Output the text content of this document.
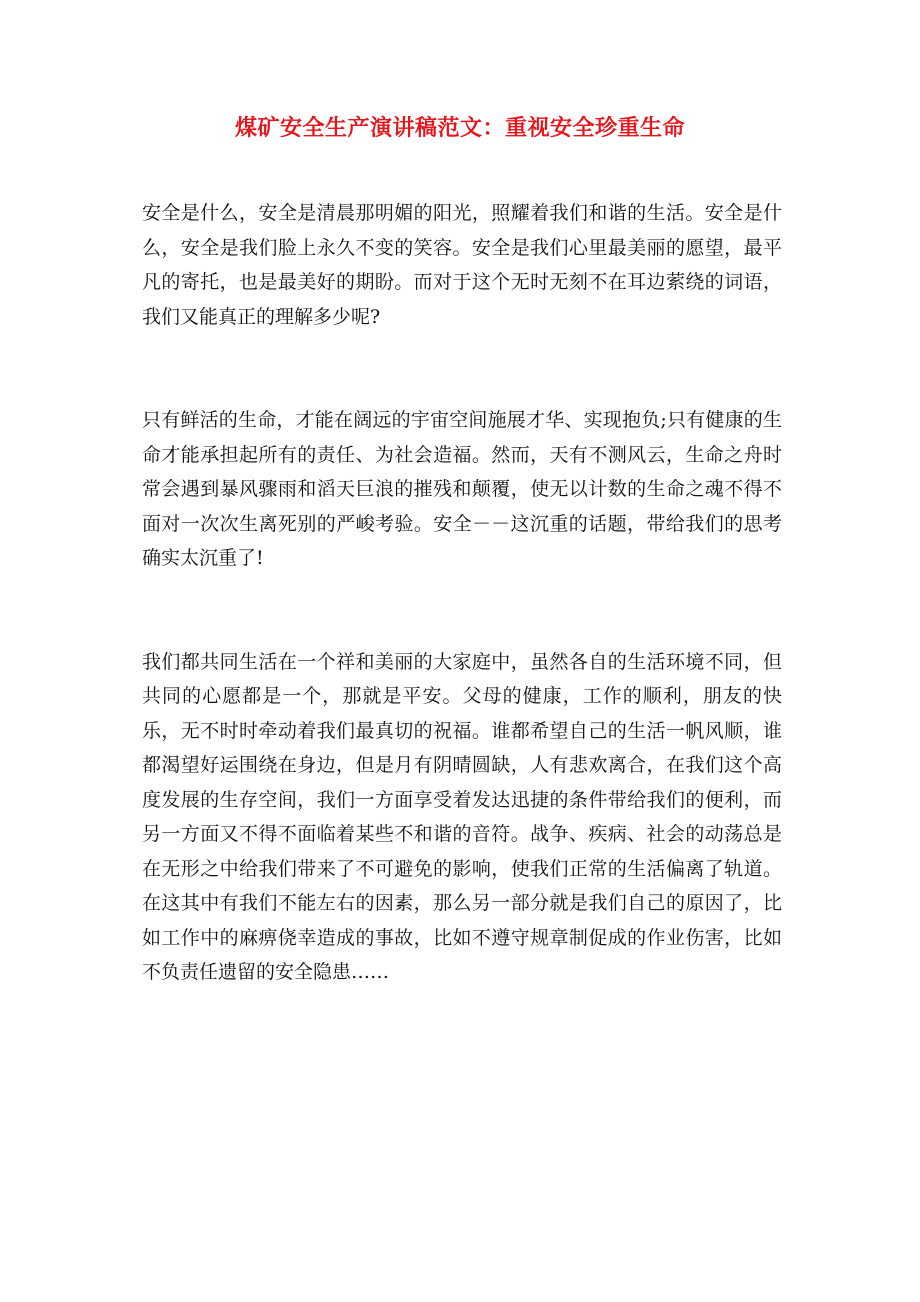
煤矿安全生产演讲稿范文：重视安全珍重生命

安全是什么，安全是清晨那明媚的阳光，照耀着我们和谐的生活。安全是什么，安全是我们脸上永久不变的笑容。安全是我们心里最美丽的愿望，最平凡的寄托，也是最美好的期盼。而对于这个无时无刻不在耳边萦绕的词语，我们又能真正的理解多少呢?

只有鲜活的生命，才能在阔远的宇宙空间施展才华、实现抱负;只有健康的生命才能承担起所有的责任、为社会造福。然而，天有不测风云，生命之舟时常会遇到暴风骤雨和滔天巨浪的摧残和颠覆，使无以计数的生命之魂不得不面对一次次生离死别的严峻考验。安全－－这沉重的话题，带给我们的思考确实太沉重了!

我们都共同生活在一个祥和美丽的大家庭中，虽然各自的生活环境不同，但共同的心愿都是一个，那就是平安。父母的健康，工作的顺利，朋友的快乐，无不时时牵动着我们最真切的祝福。谁都希望自己的生活一帆风顺，谁都渴望好运围绕在身边，但是月有阴晴圆缺，人有悲欢离合，在我们这个高度发展的生存空间，我们一方面享受着发达迅捷的条件带给我们的便利，而另一方面又不得不面临着某些不和谐的音符。战争、疾病、社会的动荡总是在无形之中给我们带来了不可避免的影响，使我们正常的生活偏离了轨道。在这其中有我们不能左右的因素，那么另一部分就是我们自己的原因了，比如工作中的麻痹侥幸造成的事故，比如不遵守规章制促成的作业伤害，比如不负责任遗留的安全隐患……
